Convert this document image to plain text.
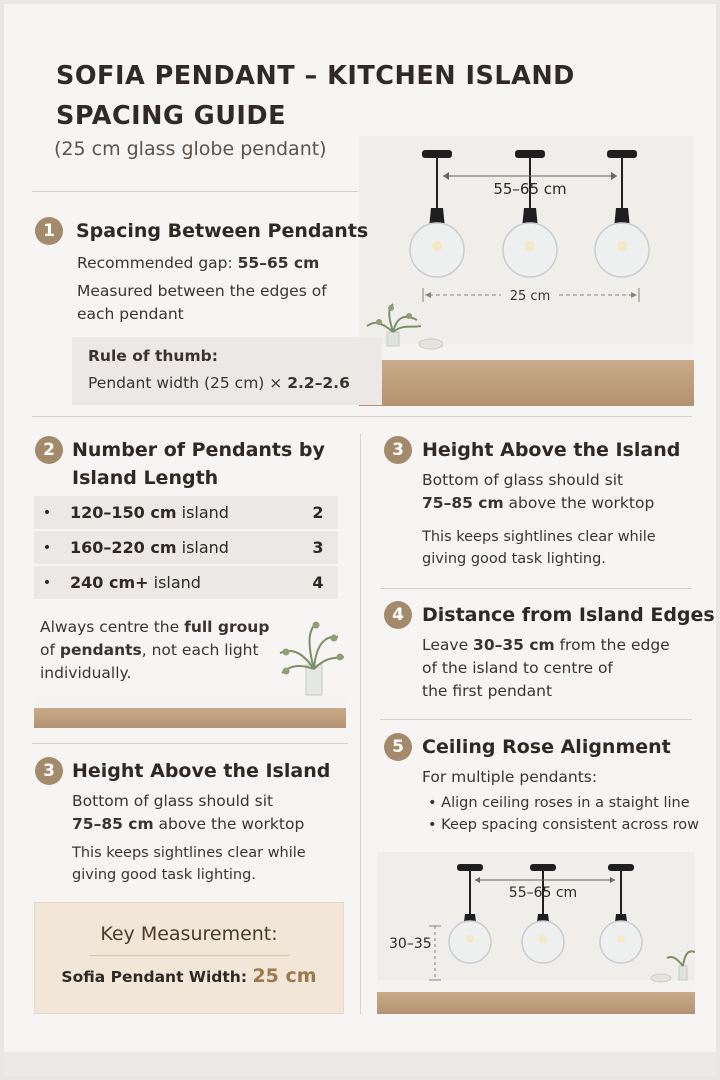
SOFIA PENDANT – KITCHEN ISLAND
SPACING GUIDE
(25 cm glass globe pendant)
55–65 cm
25 cm
1	Spacing Between Pendants
Recommended gap: 55–65 cm
Measured between the edges of
each pendant
Rule of thumb:
Pendant width (25 cm) × 2.2–2.6
2 Number of Pendants by
Island Length
•	120–150 cm island	2
•	160–220 cm island	3
•	240 cm+ island	4
Always centre the full group
of pendants, not each light
individually.
3 Height Above the Island
Bottom of glass should sit
75–85 cm above the worktop
This keeps sightlines clear while
giving good task lighting.
Key Measurement:
Sofia Pendant Width: 25 cm
3 Height Above the Island
Bottom of glass should sit
75–85 cm above the worktop
This keeps sightlines clear while
giving good task lighting.
4 Distance from Island Edges
Leave 30–35 cm from the edge
of the island to centre of
the first pendant
5 Ceiling Rose Alignment
For multiple pendants:
• Align ceiling roses in a staight line
• Keep spacing consistent across row
55–65 cm
30–35
